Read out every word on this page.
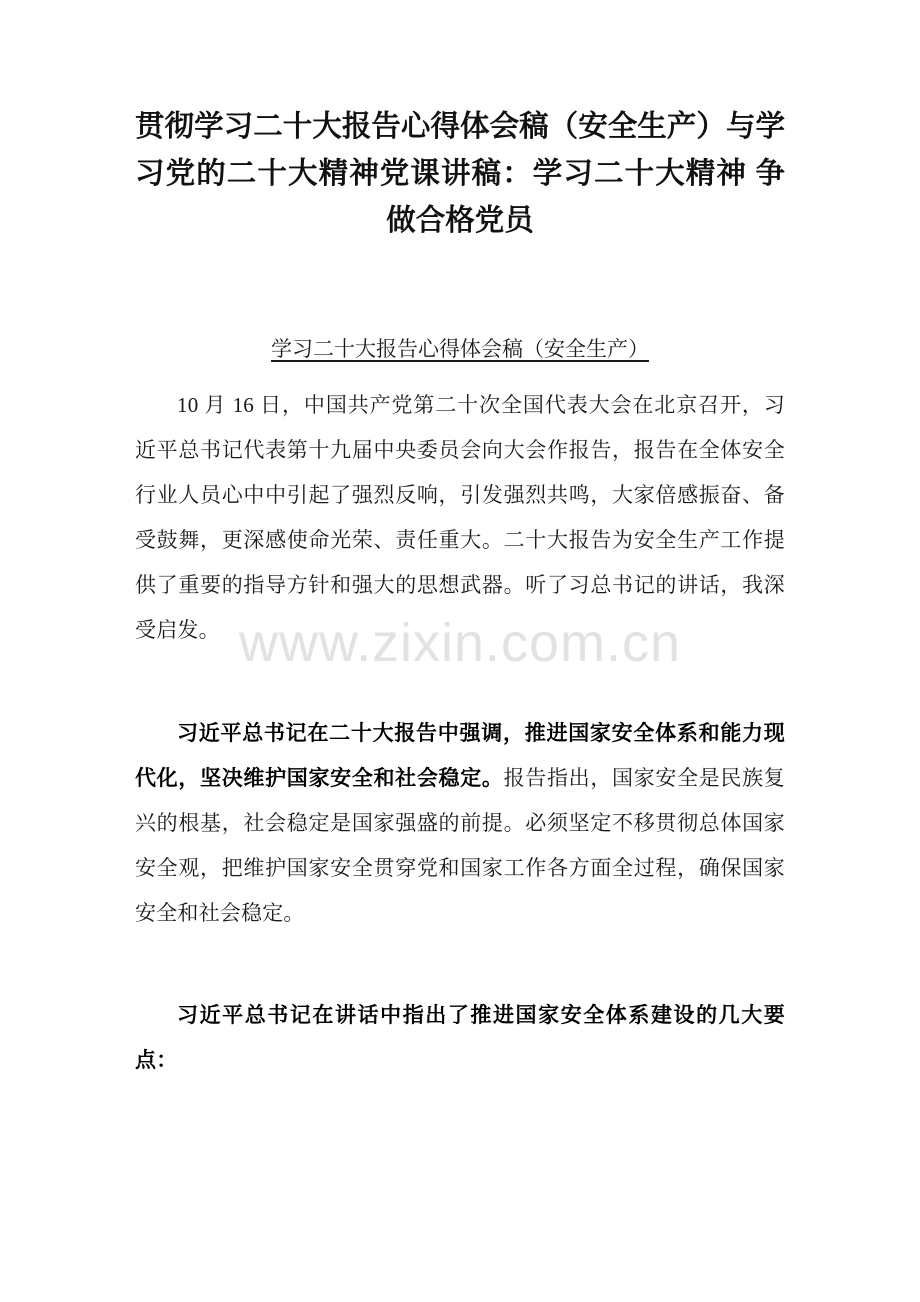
www.zixin.com.cn
贯彻学习二十大报告心得体会稿（安全生产）与学习党的二十大精神党课讲稿：学习二十大精神 争做合格党员
学习二十大报告心得体会稿（安全生产）

10 月 16 日，中国共产党第二十次全国代表大会在北京召开，习近平总书记代表第十九届中央委员会向大会作报告，报告在全体安全行业人员心中中引起了强烈反响，引发强烈共鸣，大家倍感振奋、备受鼓舞，更深感使命光荣、责任重大。二十大报告为安全生产工作提供了重要的指导方针和强大的思想武器。听了习总书记的讲话，我深受启发。

习近平总书记在二十大报告中强调，推进国家安全体系和能力现代化，坚决维护国家安全和社会稳定。报告指出，国家安全是民族复兴的根基，社会稳定是国家强盛的前提。必须坚定不移贯彻总体国家安全观，把维护国家安全贯穿党和国家工作各方面全过程，确保国家安全和社会稳定。

习近平总书记在讲话中指出了推进国家安全体系建设的几大要点：
